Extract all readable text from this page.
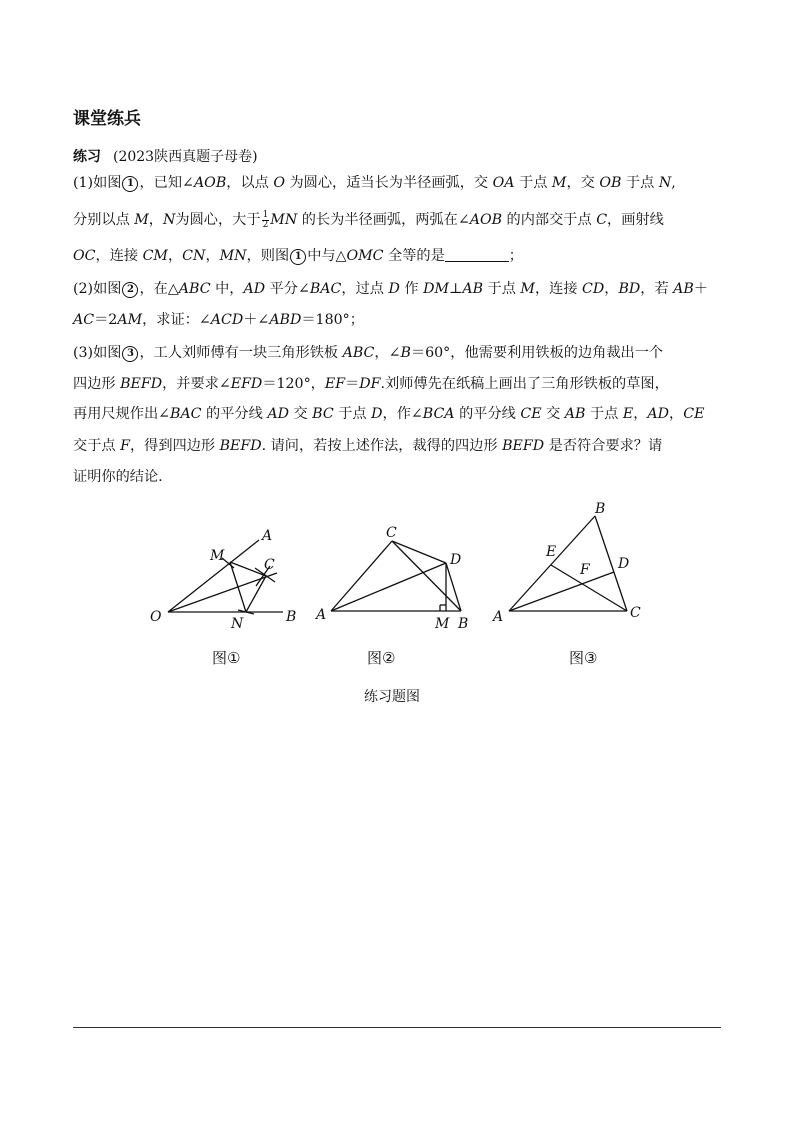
课堂练兵
练习 (2023陕西真题子母卷)
(1)如图 1 ，已知∠AOB，以点 O 为圆心，适当长为半径画弧，交 OA 于点 M，交 OB 于点 N,
分别以点 M，N为圆心，大于 $\frac{1}{2}$ MN 的长为半径画弧，两弧在∠AOB 的内部交于点 C，画射线
OC，连接 CM，CN，MN，则图 1 中与△OMC 全等的是	；
(2)如图 2 ，在△ABC 中，AD 平分∠BAC，过点 D 作 DM⊥AB 于点 M，连接 CD，BD，若 AB＋
AC＝2AM，求证：∠ACD＋∠ABD＝180°；
(3)如图 3 ，工人刘师傅有一块三角形铁板 ABC，∠B＝60°，他需要利用铁板的边角裁出一个
四边形 BEFD，并要求∠EFD＝120°，EF＝DF.刘师傅先在纸稿上画出了三角形铁板的草图，
再用尺规作出∠BAC 的平分线 AD 交 BC 于点 D，作∠BCA 的平分线 CE 交 AB 于点 E，AD，CE
交于点 F，得到四边形 BEFD. 请问，若按上述作法，裁得的四边形 BEFD 是否符合要求？请
证明你的结论.
A
M
C
O	N	B
C
D
A
M B
B
E
F D
A	C
图①	图②	图③
练习题图
